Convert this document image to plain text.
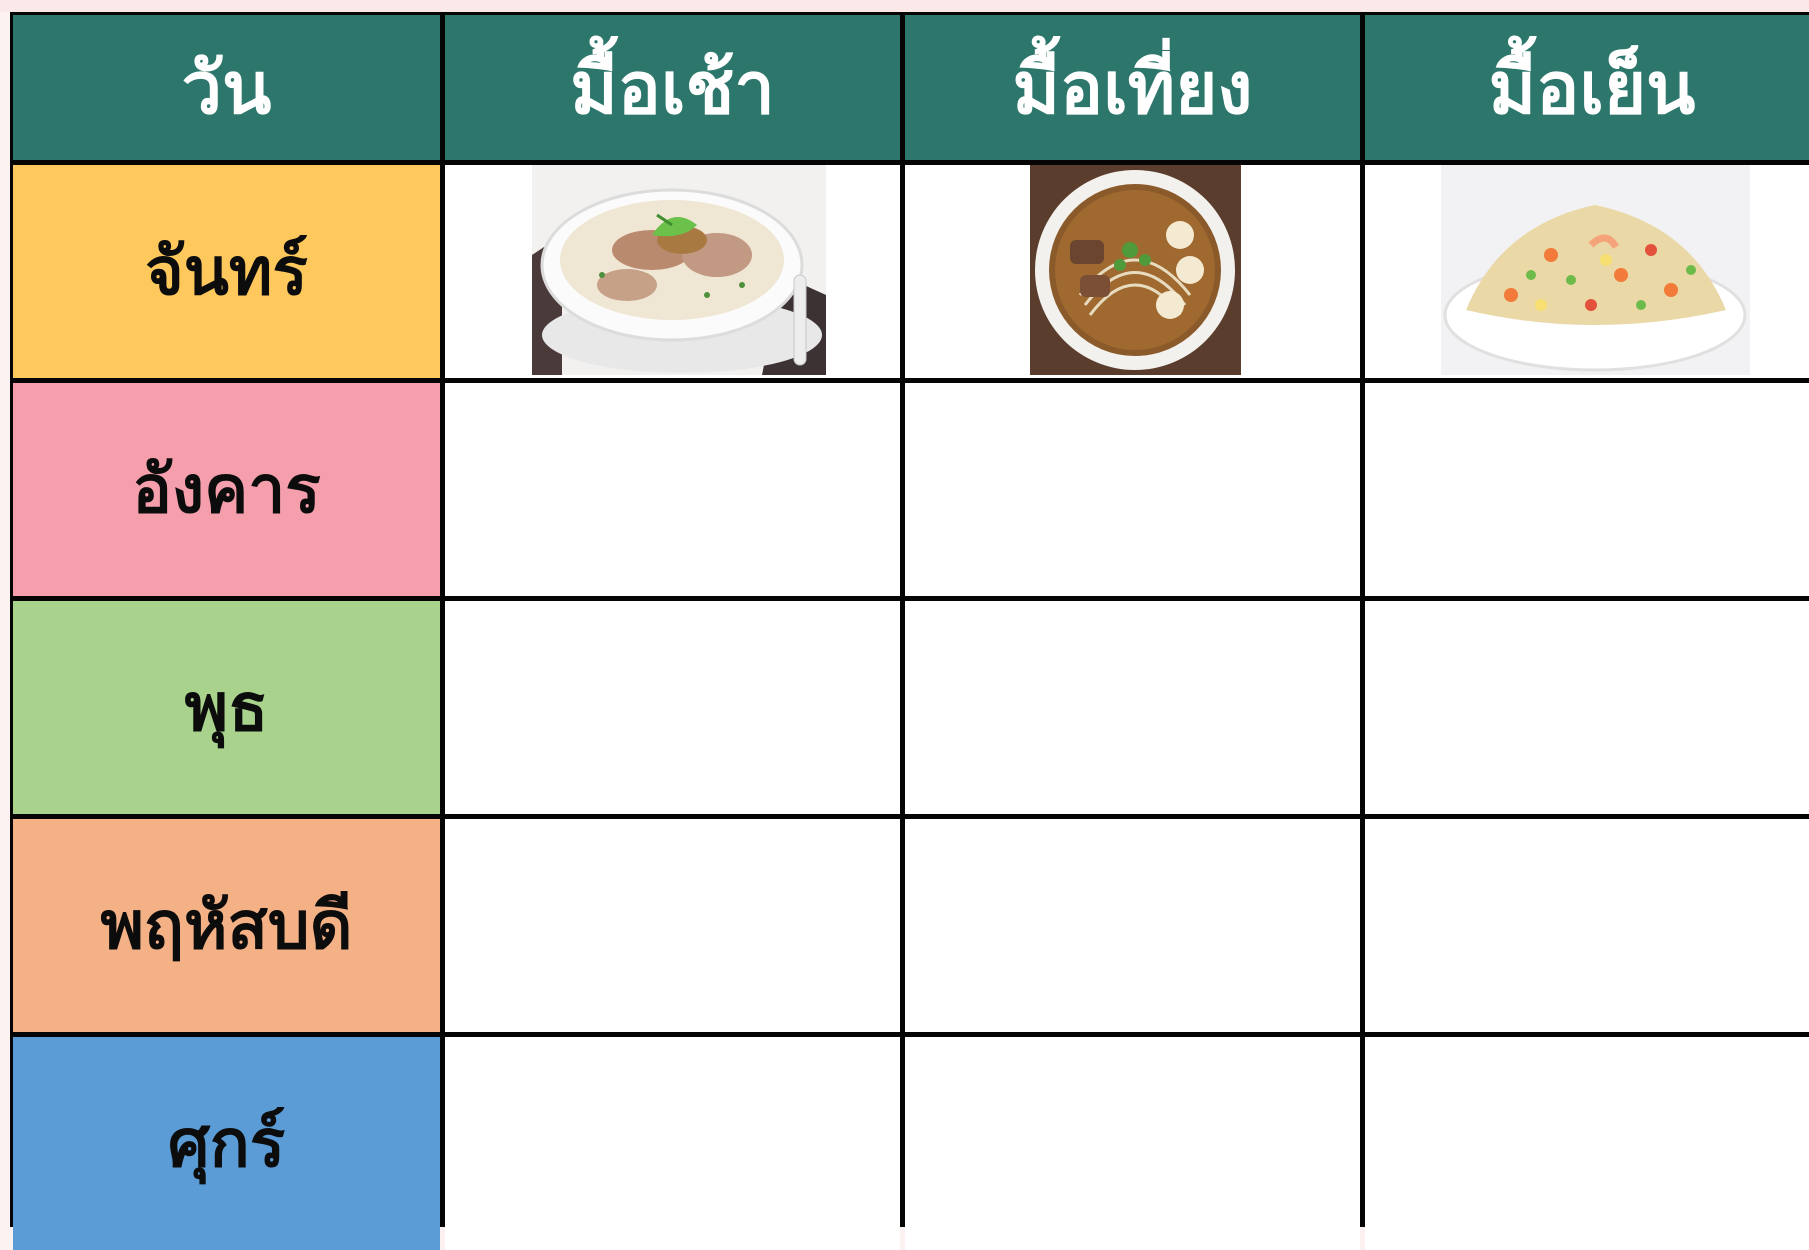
วัน	มื้อเช้า	มื้อเที่ยง	มื้อเย็น
จันทร์
อังคาร
พุธ
พฤหัสบดี
ศุกร์
